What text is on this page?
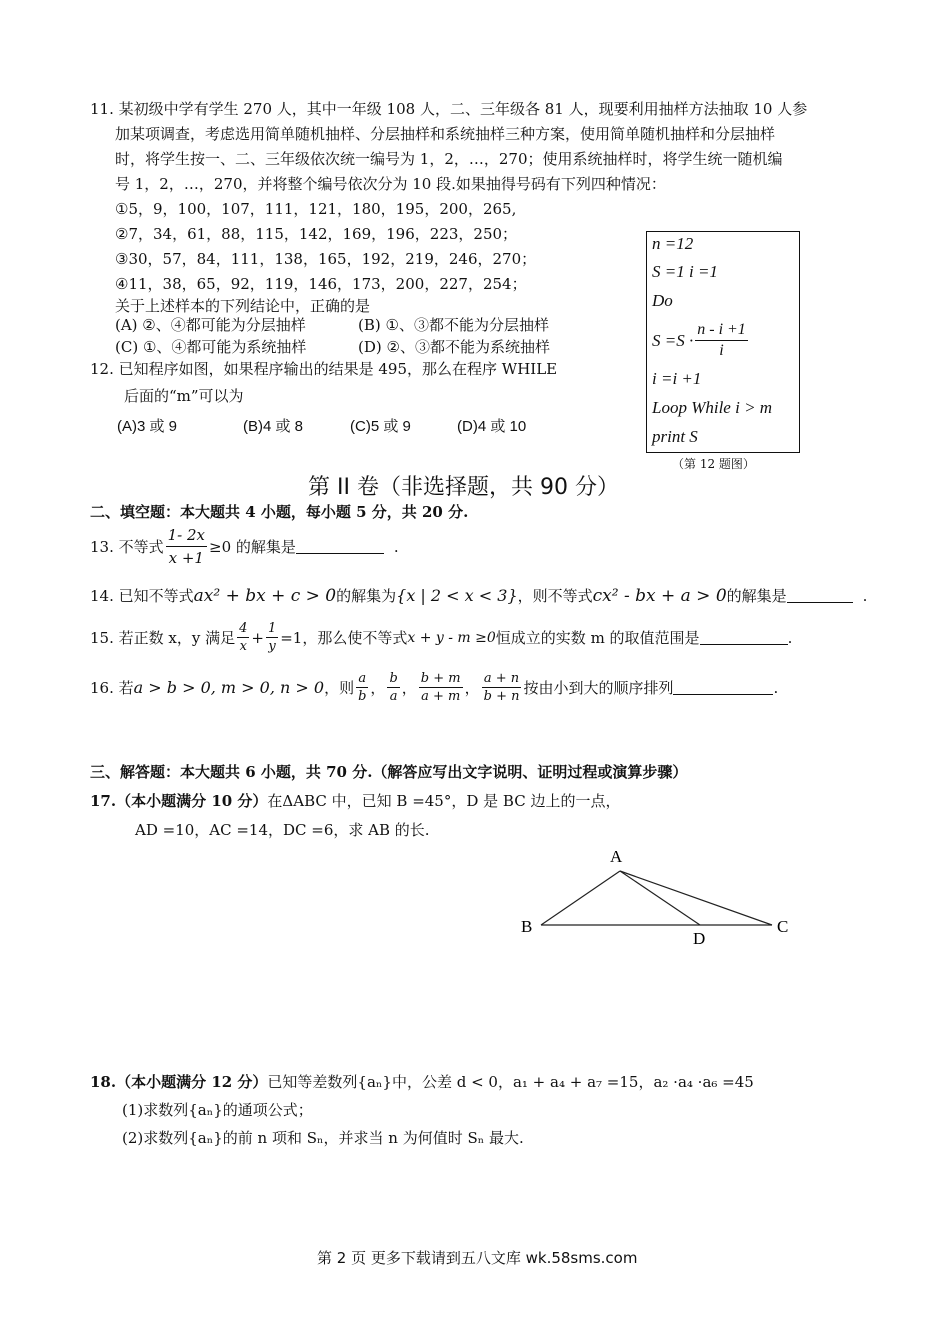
11. 某初级中学有学生 270 人，其中一年级 108 人，二、三年级各 81 人，现要利用抽样方法抽取 10 人参
加某项调查，考虑选用简单随机抽样、分层抽样和系统抽样三种方案，使用简单随机抽样和分层抽样
时，将学生按一、二、三年级依次统一编号为 1，2，…，270；使用系统抽样时，将学生统一随机编
号 1，2，…，270，并将整个编号依次分为 10 段.如果抽得号码有下列四种情况：
①5，9，100，107，111，121，180，195，200，265,
②7，34，61，88，115，142，169，196，223，250；
③30，57，84，111，138，165，192，219，246，270；
④11，38，65，92，119，146，173，200，227，254；
关于上述样本的下列结论中，正确的是
(A) ②、④都可能为分层抽样	(B) ①、③都不能为分层抽样
(C) ①、④都可能为系统抽样	(D) ②、③都不能为系统抽样
12. 已知程序如图，如果程序输出的结果是 495，那么在程序 WHILE
后面的“m”可以为
(A)3 或 9	(B)4 或 8	(C)5 或 9	(D)4 或 10
n =12
S =1 i =1
Do
$S =S \cdot \frac{n - i +1}{i}$
i =i +1
Loop While i > m
print S
（第 12 题图）
第 II 卷（非选择题，共 90 分）
二、填空题：本大题共 4 小题，每小题 5 分，共 20 分.
13. 不等式 $\frac{1- 2x}{x +1} \ge 0$ 的解集是	.
14. 已知不等式 ax² + bx + c > 0 的解集为 {x | 2 < x < 3} ，则不等式 cx² - bx + a > 0 的解集是	.
15. 若正数 x，y 满足 $\frac{4}{x} + \frac{1}{y} =1$，那么使不等式 x + y - m ≥0 恒成立的实数 m 的取值范围是	.
16. 若 a > b > 0, m > 0, n > 0 ，则 $\frac{a}{b}$ ， $\frac{b}{a}$ ， $\frac{b + m}{a + m}$ ， $\frac{a + n}{b + n}$ 按由小到大的顺序排列	.
三、解答题：本大题共 6 小题，共 70 分.（解答应写出文字说明、证明过程或演算步骤）
17.（本小题满分 10 分）在ΔABC 中，已知 B =45°，D 是 BC 边上的一点，
AD =10，AC =14，DC =6，求 AB 的长.
A
B
D
C
18.（本小题满分 12 分）已知等差数列{aₙ}中，公差 d < 0，a₁ + a₄ + a₇ =15，a₂ ·a₄ ·a₆ =45
(1)求数列{aₙ}的通项公式；
(2)求数列{aₙ}的前 n 项和 Sₙ，并求当 n 为何值时 Sₙ 最大.
第 2 页 更多下载请到五八文库 wk.58sms.com
